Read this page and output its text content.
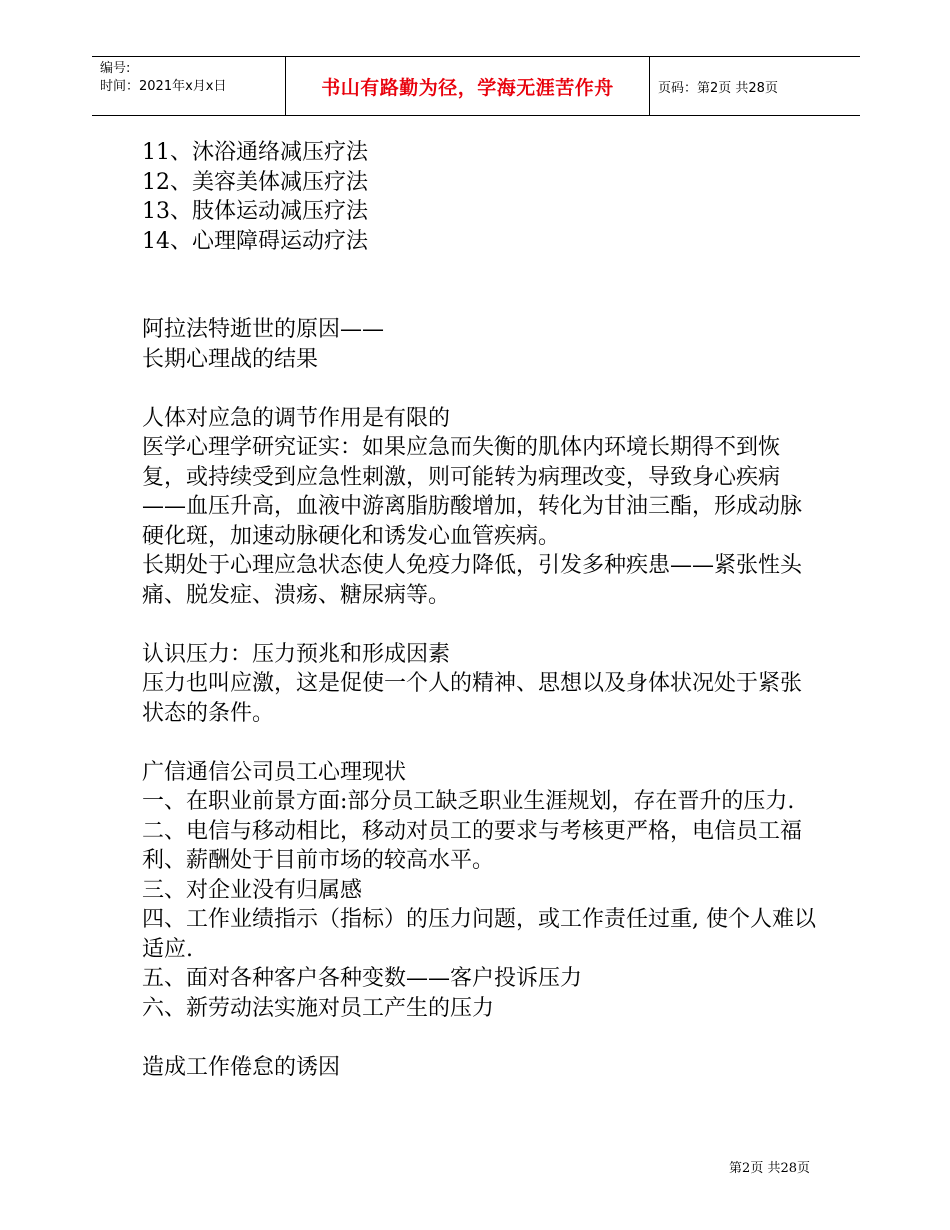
编号:
时间：2021年x月x日	书山有路勤为径，学海无涯苦作舟	页码：第2页 共28页

11、沐浴通络减压疗法

12、美容美体减压疗法

13、肢体运动减压疗法

14、心理障碍运动疗法

阿拉法特逝世的原因——

长期心理战的结果

人体对应急的调节作用是有限的

医学心理学研究证实：如果应急而失衡的肌体内环境长期得不到恢复，或持续受到应急性刺激，则可能转为病理改变，导致身心疾病——血压升高，血液中游离脂肪酸增加，转化为甘油三酯，形成动脉硬化斑，加速动脉硬化和诱发心血管疾病。

长期处于心理应急状态使人免疫力降低，引发多种疾患——紧张性头痛、脱发症、溃疡、糖尿病等。

认识压力：压力预兆和形成因素

压力也叫应激，这是促使一个人的精神、思想以及身体状况处于紧张状态的条件。

广信通信公司员工心理现状

一、在职业前景方面:部分员工缺乏职业生涯规划，存在晋升的压力.

二、电信与移动相比，移动对员工的要求与考核更严格，电信员工福利、薪酬处于目前市场的较高水平。

三、对企业没有归属感

四、工作业绩指示（指标）的压力问题，或工作责任过重, 使个人难以适应.

五、面对各种客户各种变数——客户投诉压力

六、新劳动法实施对员工产生的压力

造成工作倦怠的诱因

第2页 共28页
